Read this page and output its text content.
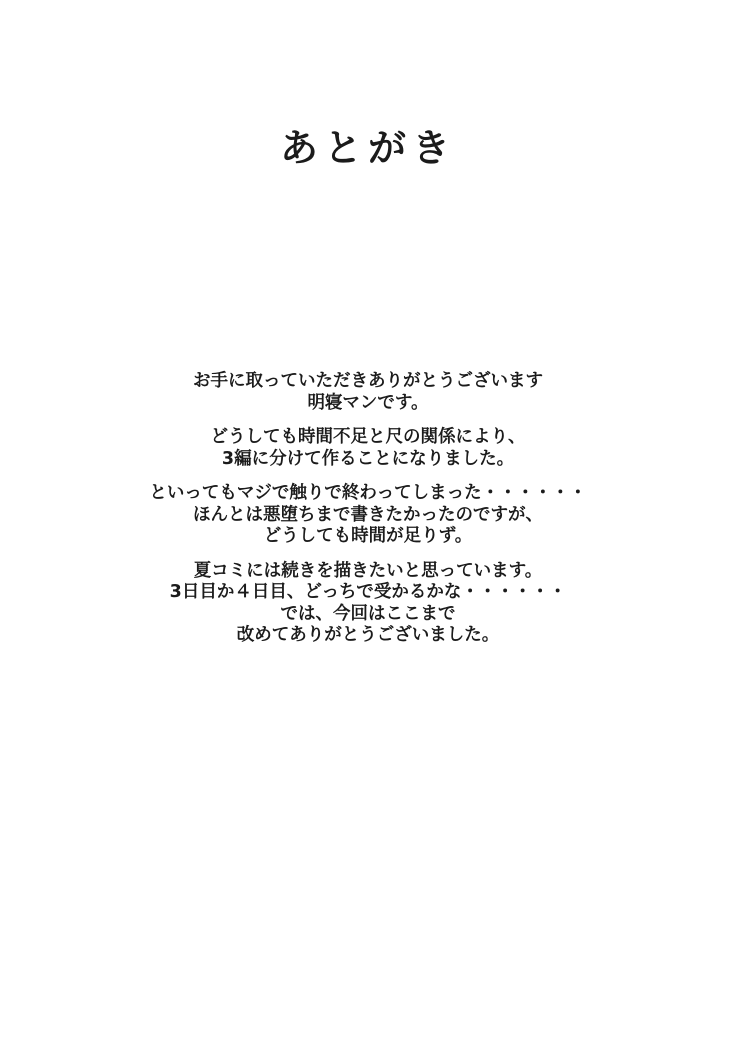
あとがき
お手に取っていただきありがとうございます
明寝マンです。
どうしても時間不足と尺の関係により、
3編に分けて作ることになりました。
といってもマジで触りで終わってしまった・・・・・・
ほんとは悪堕ちまで書きたかったのですが、
どうしても時間が足りず。
夏コミには続きを描きたいと思っています。
3日目か４日目、どっちで受かるかな・・・・・・
では、今回はここまで
改めてありがとうございました。
